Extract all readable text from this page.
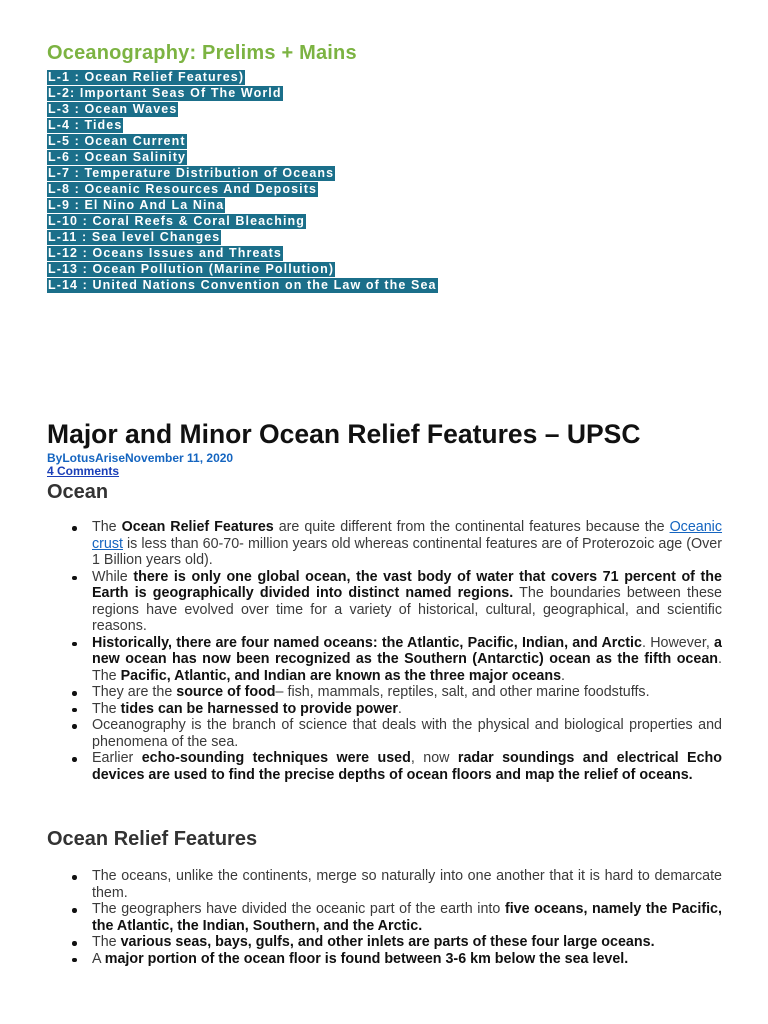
Oceanography: Prelims + Mains
L-1 : Ocean Relief Features)
L-2: Important Seas Of The World
L-3 : Ocean Waves
L-4 : Tides
L-5 : Ocean Current
L-6 : Ocean Salinity
L-7 : Temperature Distribution of Oceans
L-8 : Oceanic Resources And Deposits
L-9 : El Nino And La Nina
L-10 : Coral Reefs & Coral Bleaching
L-11 : Sea level Changes
L-12 : Oceans Issues and Threats
L-13 : Ocean Pollution (Marine Pollution)
L-14 : United Nations Convention on the Law of the Sea
Major and Minor Ocean Relief Features – UPSC
ByLotusAriseNovember 11, 2020
4 Comments
Ocean
The Ocean Relief Features are quite different from the continental features because the Oceanic crust is less than 60-70- million years old whereas continental features are of Proterozoic age (Over 1 Billion years old).
While there is only one global ocean, the vast body of water that covers 71 percent of the Earth is geographically divided into distinct named regions. The boundaries between these regions have evolved over time for a variety of historical, cultural, geographical, and scientific reasons.
Historically, there are four named oceans: the Atlantic, Pacific, Indian, and Arctic. However, a new ocean has now been recognized as the Southern (Antarctic) ocean as the fifth ocean. The Pacific, Atlantic, and Indian are known as the three major oceans.
They are the source of food– fish, mammals, reptiles, salt, and other marine foodstuffs.
The tides can be harnessed to provide power.
Oceanography is the branch of science that deals with the physical and biological properties and phenomena of the sea.
Earlier echo-sounding techniques were used, now radar soundings and electrical Echo devices are used to find the precise depths of ocean floors and map the relief of oceans.
Ocean Relief Features
The oceans, unlike the continents, merge so naturally into one another that it is hard to demarcate them.
The geographers have divided the oceanic part of the earth into five oceans, namely the Pacific, the Atlantic, the Indian, Southern, and the Arctic.
The various seas, bays, gulfs, and other inlets are parts of these four large oceans.
A major portion of the ocean floor is found between 3-6 km below the sea level.
